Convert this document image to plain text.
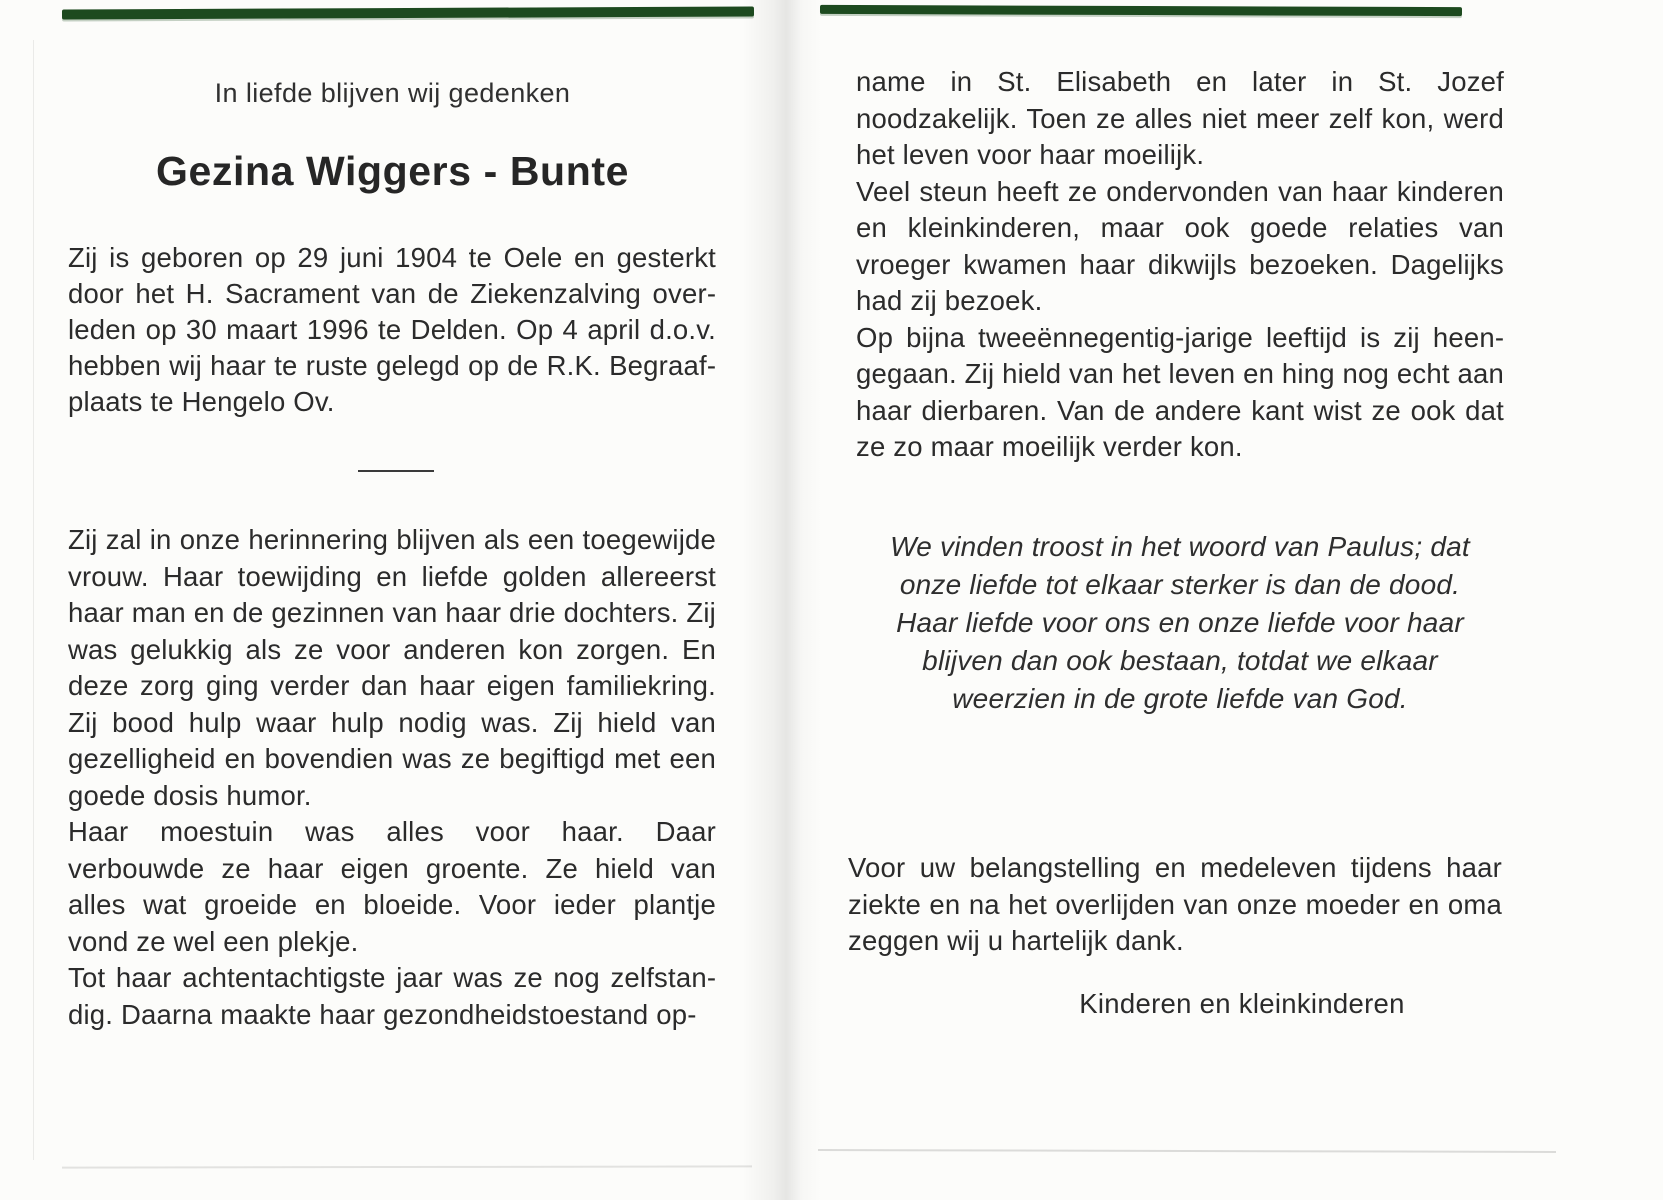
In liefde blijven wij gedenken
Gezina Wiggers - Bunte
Zij is geboren op 29 juni 1904 te Oele en gesterkt door het H. Sacrament van de Ziekenzalving overleden op 30 maart 1996 te Delden. Op 4 april d.o.v. hebben wij haar te ruste gelegd op de R.K. Begraafplaats te Hengelo Ov.

Zij zal in onze herinnering blijven als een toegewijde vrouw. Haar toewijding en liefde golden allereerst haar man en de gezinnen van haar drie dochters. Zij was gelukkig als ze voor anderen kon zorgen. En deze zorg ging verder dan haar eigen familiekring. Zij bood hulp waar hulp nodig was. Zij hield van gezelligheid en bovendien was ze begiftigd met een goede dosis humor.

Haar moestuin was alles voor haar. Daar verbouwde ze haar eigen groente. Ze hield van alles wat groeide en bloeide. Voor ieder plantje vond ze wel een plekje.

Tot haar achtentachtigste jaar was ze nog zelfstandig. Daarna maakte haar gezondheidstoestand op-

name in St. Elisabeth en later in St. Jozef noodzakelijk. Toen ze alles niet meer zelf kon, werd het leven voor haar moeilijk.

Veel steun heeft ze ondervonden van haar kinderen en kleinkinderen, maar ook goede relaties van vroeger kwamen haar dikwijls bezoeken. Dagelijks had zij bezoek.

Op bijna tweeënnegentig-jarige leeftijd is zij heengegaan. Zij hield van het leven en hing nog echt aan haar dierbaren. Van de andere kant wist ze ook dat ze zo maar moeilijk verder kon.

We vinden troost in het woord van Paulus; dat
onze liefde tot elkaar sterker is dan de dood.
Haar liefde voor ons en onze liefde voor haar
blijven dan ook bestaan, totdat we elkaar
weerzien in de grote liefde van God.
Voor uw belangstelling en medeleven tijdens haar ziekte en na het overlijden van onze moeder en oma zeggen wij u hartelijk dank.
Kinderen en kleinkinderen
